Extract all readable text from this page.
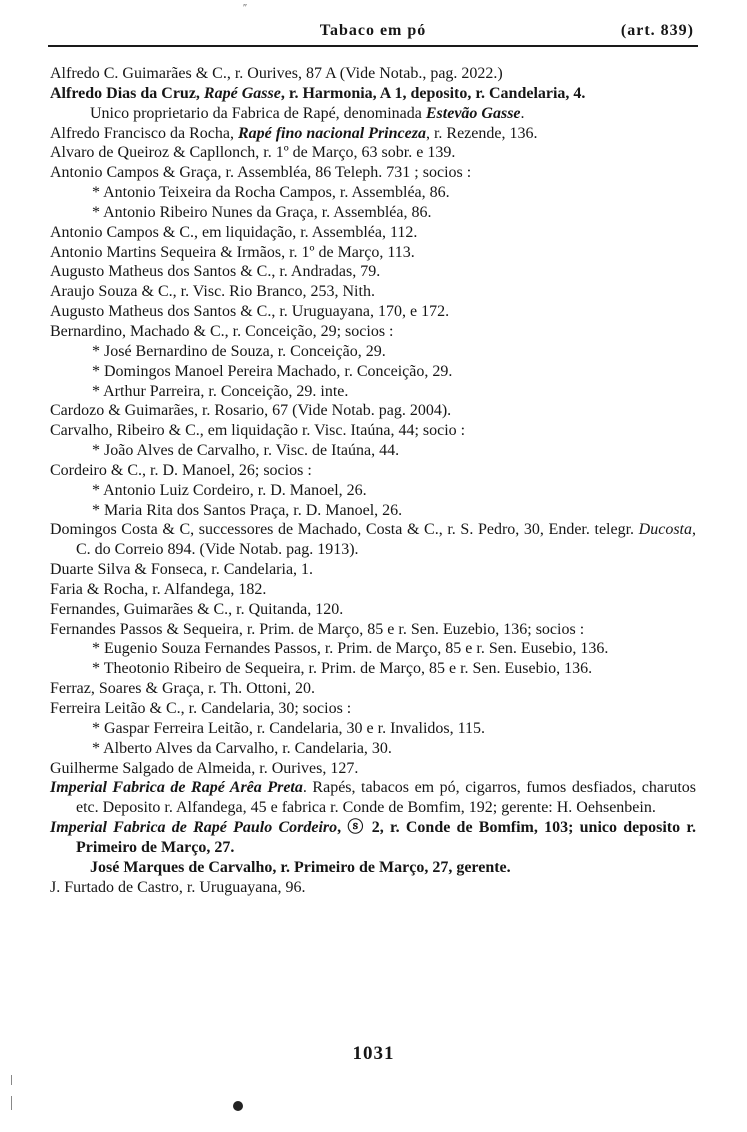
″
Tabaco em pó	(art. 839)
Alfredo C. Guimarães & C., r. Ourives, 87 A (Vide Notab., pag. 2022.)
Alfredo Dias da Cruz, Rapé Gasse, r. Harmonia, A 1, deposito, r. Candelaria, 4.
Unico proprietario da Fabrica de Rapé, denominada Estevão Gasse.
Alfredo Francisco da Rocha, Rapé fino nacional Princeza, r. Rezende, 136.
Alvaro de Queiroz & Capllonch, r. 1º de Março, 63 sobr. e 139.
Antonio Campos & Graça, r. Assembléa, 86 Teleph. 731 ; socios :
* Antonio Teixeira da Rocha Campos, r. Assembléa, 86.
* Antonio Ribeiro Nunes da Graça, r. Assembléa, 86.
Antonio Campos & C., em liquidação, r. Assembléa, 112.
Antonio Martins Sequeira & Irmãos, r. 1º de Março, 113.
Augusto Matheus dos Santos & C., r. Andradas, 79.
Araujo Souza & C., r. Visc. Rio Branco, 253, Nith.
Augusto Matheus dos Santos & C., r. Uruguayana, 170, e 172.
Bernardino, Machado & C., r. Conceição, 29; socios :
* José Bernardino de Souza, r. Conceição, 29.
* Domingos Manoel Pereira Machado, r. Conceição, 29.
* Arthur Parreira, r. Conceição, 29. inte.
Cardozo & Guimarães, r. Rosario, 67 (Vide Notab. pag. 2004).
Carvalho, Ribeiro & C., em liquidação r. Visc. Itaúna, 44; socio :
* João Alves de Carvalho, r. Visc. de Itaúna, 44.
Cordeiro & C., r. D. Manoel, 26; socios :
* Antonio Luiz Cordeiro, r. D. Manoel, 26.
* Maria Rita dos Santos Praça, r. D. Manoel, 26.
Domingos Costa & C, successores de Machado, Costa & C., r. S. Pedro, 30, Ender. telegr. Ducosta, C. do Correio 894. (Vide Notab. pag. 1913).
Duarte Silva & Fonseca, r. Candelaria, 1.
Faria & Rocha, r. Alfandega, 182.
Fernandes, Guimarães & C., r. Quitanda, 120.
Fernandes Passos & Sequeira, r. Prim. de Março, 85 e r. Sen. Euzebio, 136; socios :
* Eugenio Souza Fernandes Passos, r. Prim. de Março, 85 e r. Sen. Eusebio, 136.
* Theotonio Ribeiro de Sequeira, r. Prim. de Março, 85 e r. Sen. Eusebio, 136.
Ferraz, Soares & Graça, r. Th. Ottoni, 20.
Ferreira Leitão & C., r. Candelaria, 30; socios :
* Gaspar Ferreira Leitão, r. Candelaria, 30 e r. Invalidos, 115.
* Alberto Alves da Carvalho, r. Candelaria, 30.
Guilherme Salgado de Almeida, r. Ourives, 127.
Imperial Fabrica de Rapé Arêa Preta. Rapés, tabacos em pó, cigarros, fumos desfiados, charutos etc. Deposito r. Alfandega, 45 e fabrica r. Conde de Bomfim, 192; gerente: H. Oehsenbein.
Imperial Fabrica de Rapé Paulo Cordeiro, ⓢ 2, r. Conde de Bomfim, 103; unico deposito r. Primeiro de Março, 27.
José Marques de Carvalho, r. Primeiro de Março, 27, gerente.
J. Furtado de Castro, r. Uruguayana, 96.
1031
